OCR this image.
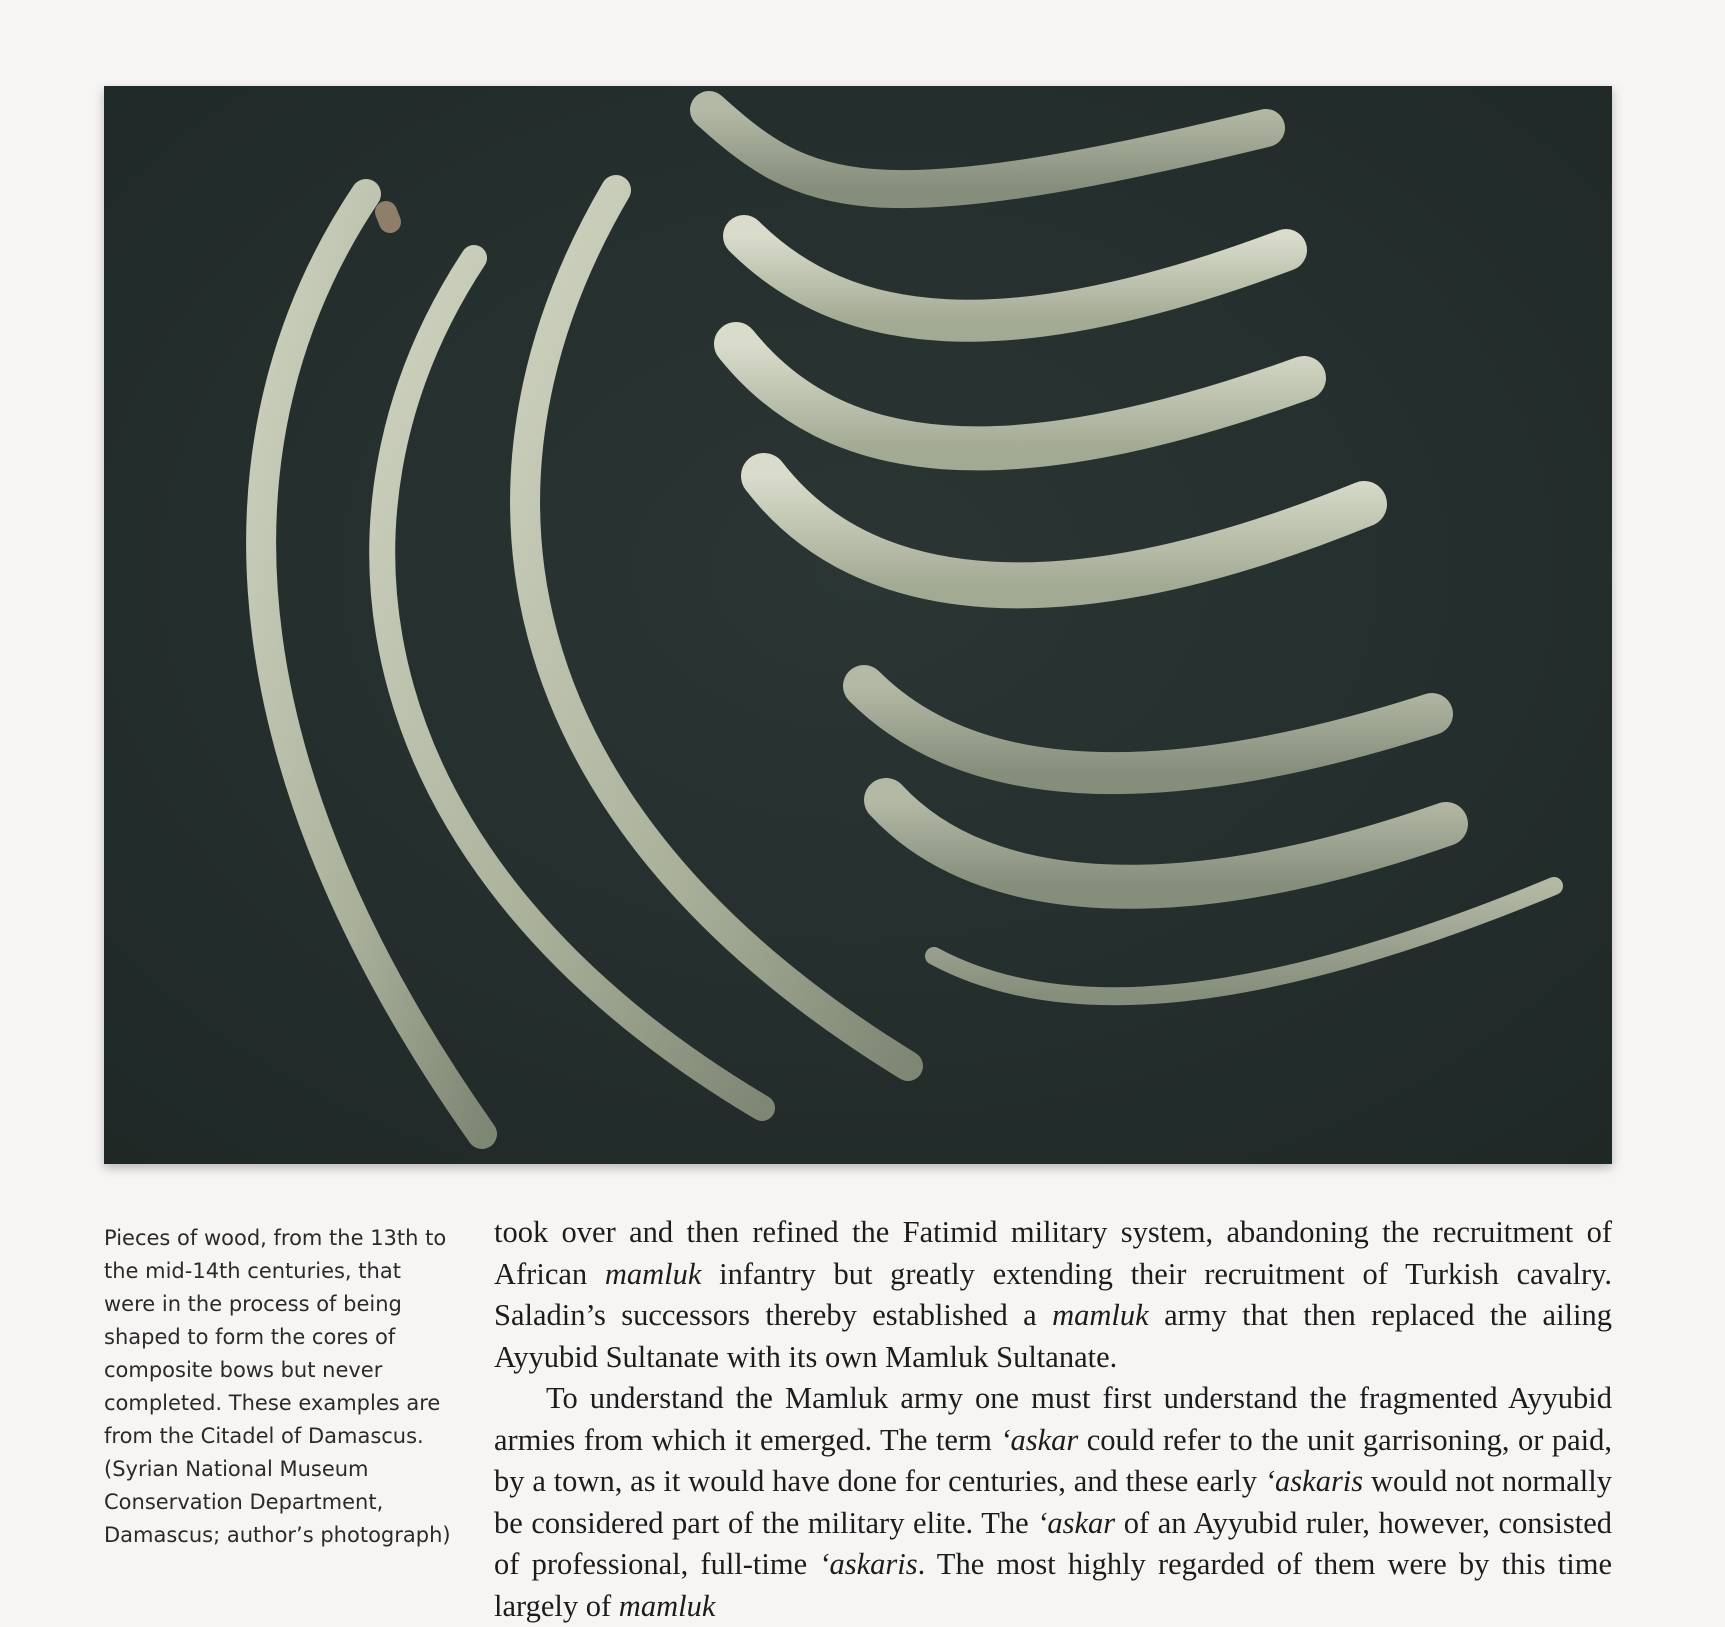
Pieces of wood, from the 13th to the mid-14th centuries, that were in the process of being shaped to form the cores of composite bows but never completed. These examples are from the Citadel of Damascus. (Syrian National Museum Conservation Department, Damascus; author’s photograph)

took over and then refined the Fatimid military system, abandoning the recruitment of African mamluk infantry but greatly extending their recruitment of Turkish cavalry. Saladin’s successors thereby established a mamluk army that then replaced the ailing Ayyubid Sultanate with its own Mamluk Sultanate.

To understand the Mamluk army one must first understand the fragmented Ayyubid armies from which it emerged. The term ‘askar could refer to the unit garrisoning, or paid, by a town, as it would have done for centuries, and these early ‘askaris would not normally be considered part of the military elite. The ‘askar of an Ayyubid ruler, however, consisted of professional, full-time ‘askaris. The most highly regarded of them were by this time largely of mamluk
